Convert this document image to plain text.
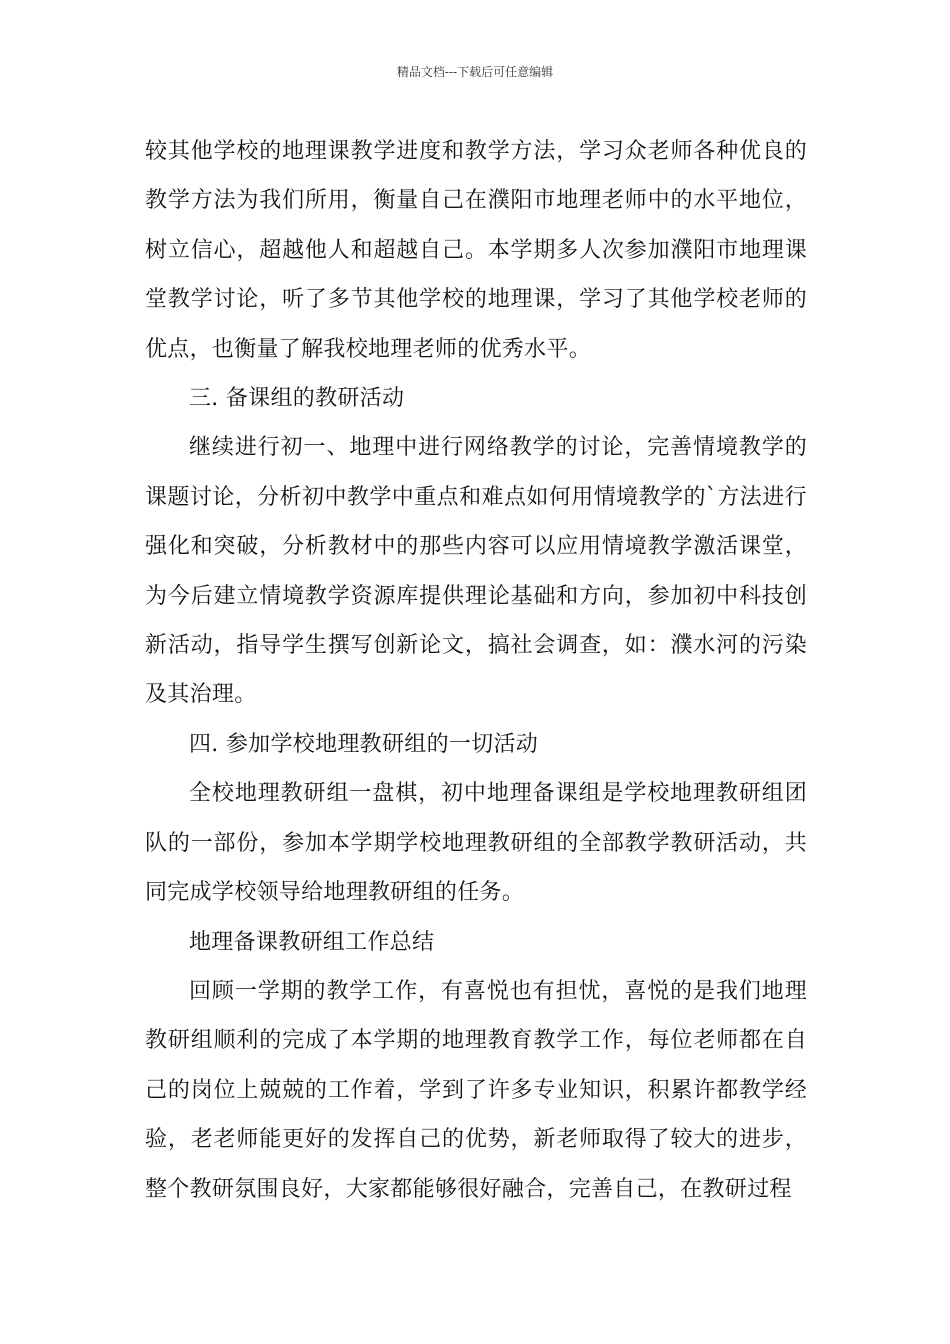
精品文档---下载后可任意编辑

较其他学校的地理课教学进度和教学方法，学习众老师各种优良的教学方法为我们所用，衡量自己在濮阳市地理老师中的水平地位，树立信心，超越他人和超越自己。本学期多人次参加濮阳市地理课堂教学讨论，听了多节其他学校的地理课，学习了其他学校老师的优点，也衡量了解我校地理老师的优秀水平。

三. 备课组的教研活动

继续进行初一、地理中进行网络教学的讨论，完善情境教学的课题讨论，分析初中教学中重点和难点如何用情境教学的`方法进行强化和突破，分析教材中的那些内容可以应用情境教学激活课堂，为今后建立情境教学资源库提供理论基础和方向，参加初中科技创新活动，指导学生撰写创新论文，搞社会调查，如：濮水河的污染及其治理。

四. 参加学校地理教研组的一切活动

全校地理教研组一盘棋，初中地理备课组是学校地理教研组团队的一部份，参加本学期学校地理教研组的全部教学教研活动，共同完成学校领导给地理教研组的任务。

地理备课教研组工作总结

回顾一学期的教学工作，有喜悦也有担忧，喜悦的是我们地理教研组顺利的完成了本学期的地理教育教学工作，每位老师都在自己的岗位上兢兢的工作着，学到了许多专业知识，积累许都教学经验，老老师能更好的发挥自己的优势，新老师取得了较大的进步，整个教研氛围良好，大家都能够很好融合，完善自己，在教研过程
